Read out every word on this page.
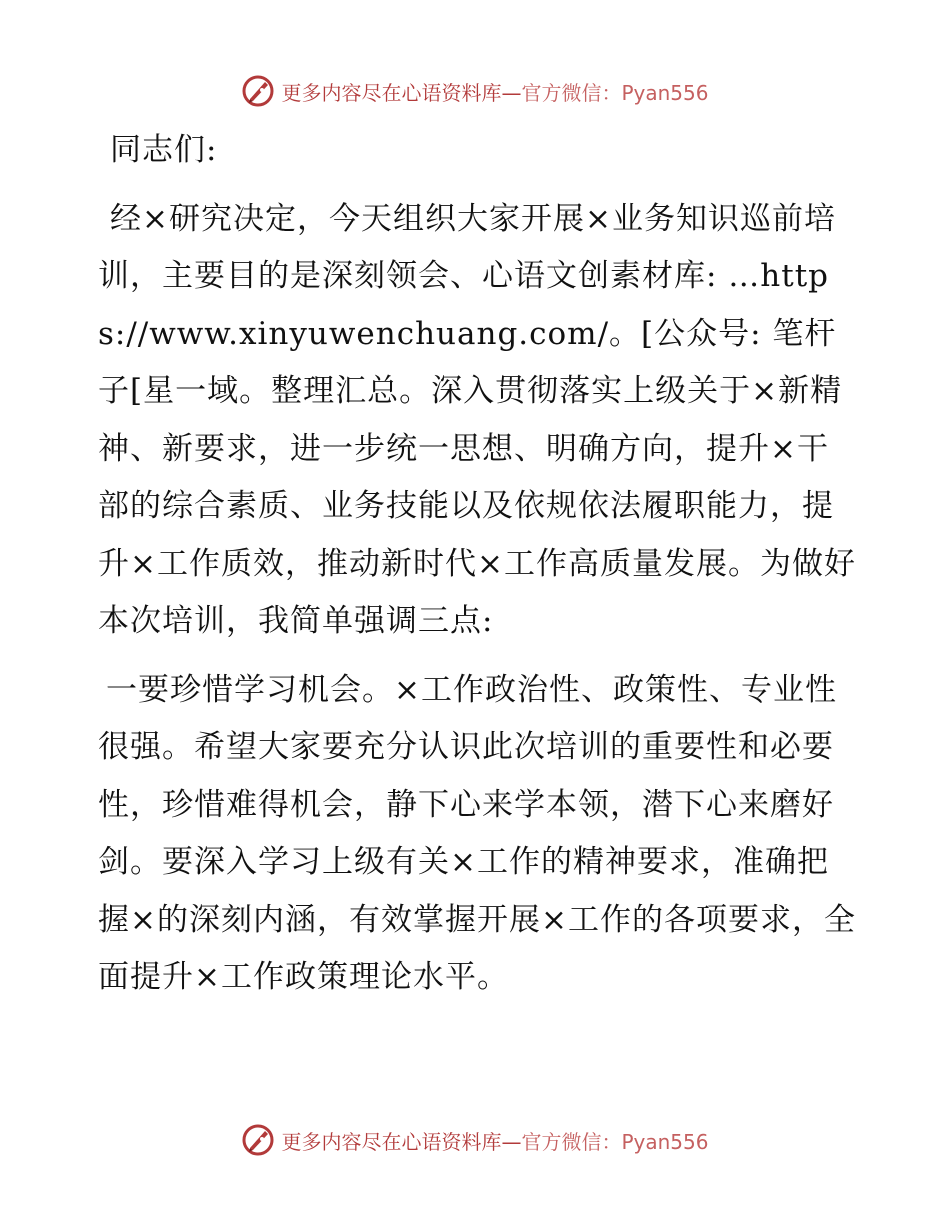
更多内容尽在心语资料库—官方微信：Pyan556

同志们:

经×研究决定，今天组织大家开展×业务知识巡前培训，主要目的是深刻领会、心语文创素材库: …https://www.xinyuwenchuang.com/。[公众号: 笔杆子[星一域。整理汇总。深入贯彻落实上级关于×新精神、新要求，进一步统一思想、明确方向，提升×干部的综合素质、业务技能以及依规依法履职能力，提升×工作质效，推动新时代×工作高质量发展。为做好本次培训，我简单强调三点:

一要珍惜学习机会。×工作政治性、政策性、专业性很强。希望大家要充分认识此次培训的重要性和必要性，珍惜难得机会，静下心来学本领，潜下心来磨好剑。要深入学习上级有关×工作的精神要求，准确把握×的深刻内涵，有效掌握开展×工作的各项要求，全面提升×工作政策理论水平。

更多内容尽在心语资料库—官方微信：Pyan556
